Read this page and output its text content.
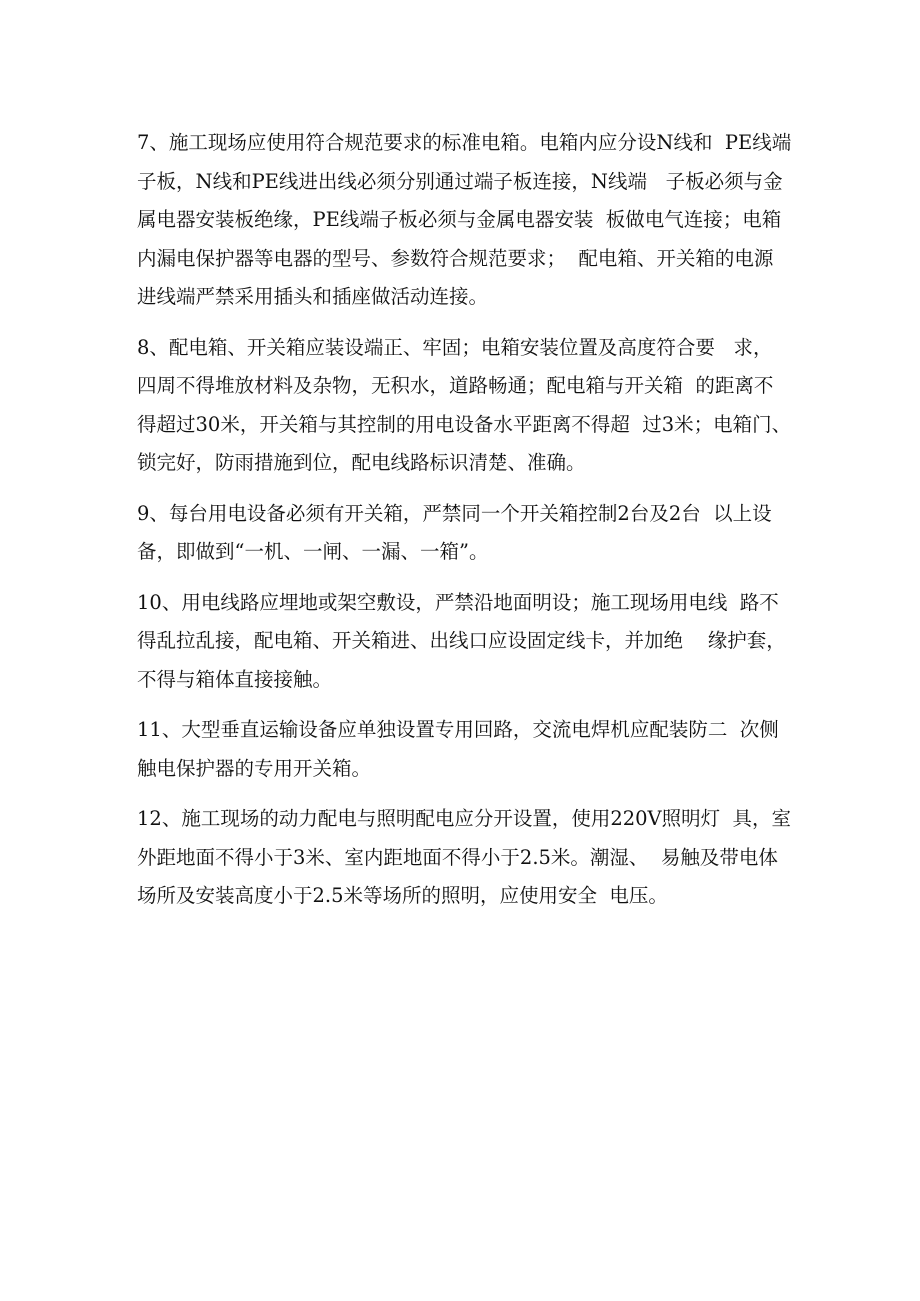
7、施工现场应使用符合规范要求的标准电箱。电箱内应分设N线和  PE线端
子板，N线和PE线进出线必须分别通过端子板连接，N线端   子板必须与金
属电器安装板绝缘，PE线端子板必须与金属电器安装  板做电气连接；电箱
内漏电保护器等电器的型号、参数符合规范要求；  配电箱、开关箱的电源
进线端严禁采用插头和插座做活动连接。
8、配电箱、开关箱应装设端正、牢固；电箱安装位置及高度符合要   求，
四周不得堆放材料及杂物，无积水，道路畅通；配电箱与开关箱  的距离不
得超过30米，开关箱与其控制的用电设备水平距离不得超  过3米；电箱门、
锁完好，防雨措施到位，配电线路标识清楚、准确。
9、每台用电设备必须有开关箱，严禁同一个开关箱控制2台及2台  以上设
备，即做到“一机、一闸、一漏、一箱”。
10、用电线路应埋地或架空敷设，严禁沿地面明设；施工现场用电线  路不
得乱拉乱接，配电箱、开关箱进、出线口应设固定线卡，并加绝    缘护套，
不得与箱体直接接触。
11、大型垂直运输设备应单独设置专用回路，交流电焊机应配装防二  次侧
触电保护器的专用开关箱。
12、施工现场的动力配电与照明配电应分开设置，使用220V照明灯  具，室
外距地面不得小于3米、室内距地面不得小于2.5米。潮湿、  易触及带电体
场所及安装高度小于2.5米等场所的照明，应使用安全  电压。
